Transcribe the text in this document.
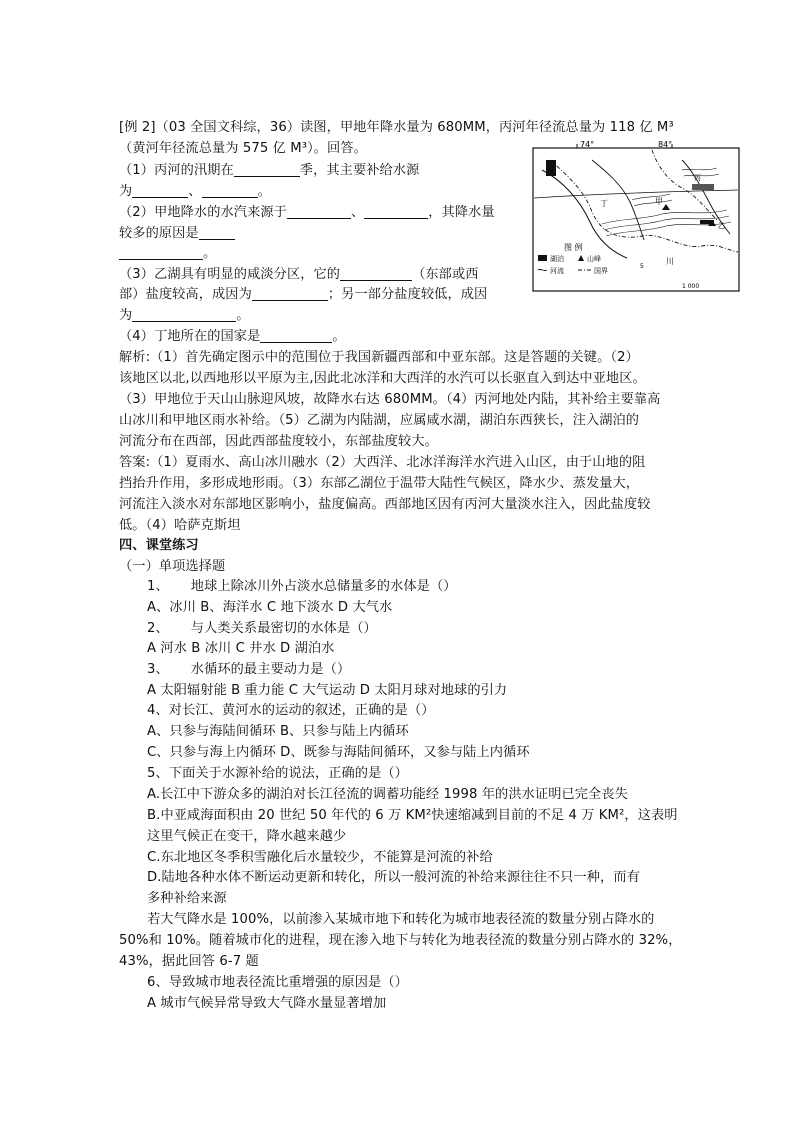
[例 2]（03 全国文科综，36）读图，甲地年降水量为 680MM，丙河年径流总量为 118 亿 M³
（黄河年径流总量为 575 亿 M³）。回答。
（1）丙河的汛期在	季，其主要补给水源
为	、	。
（2）甲地降水的水汽来源于	、	，其降水量
较多的原因是
。
（3）乙湖具有明显的咸淡分区，它的	（东部或西
部）盐度较高，成因为	；另一部分盐度较低，成因
为	。
（4）丁地所在的国家是	。
解析:（1）首先确定图示中的范围位于我国新疆西部和中亚东部。这是答题的关键。（2）
该地区以北,以西地形以平原为主,因此北冰洋和大西洋的水汽可以长驱直入到达中亚地区。
（3）甲地位于天山山脉迎风坡，故降水右达 680MM。（4）丙河地处内陆，其补给主要靠高
山冰川和甲地区雨水补给。（5）乙湖为内陆湖，应属咸水湖，湖泊东西狭长，注入湖泊的
河流分布在西部，因此西部盐度较小，东部盐度较大。
答案:（1）夏雨水、高山冰川融水（2）大西洋、北冰洋海洋水汽进入山区，由于山地的阻
挡抬升作用，多形成地形雨。（3）东部乙湖位于温带大陆性气候区，降水少、蒸发量大，
河流注入淡水对东部地区影响小，盐度偏高。西部地区因有丙河大量淡水注入，因此盐度较
低。（4）哈萨克斯坦
四、课堂练习
（一）单项选择题
1、 地球上除冰川外占淡水总储量多的水体是（）
A、冰川 B、海洋水 C 地下淡水 D 大气水
2、 与人类关系最密切的水体是（）
A 河水 B 冰川 C 井水 D 湖泊水
3、 水循环的最主要动力是（）
A 太阳辐射能 B 重力能 C 大气运动 D 太阳月球对地球的引力
4、对长江、黄河水的运动的叙述，正确的是（）
A、只参与海陆间循环 B、只参与陆上内循环
C、只参与海上内循环 D、既参与海陆间循环，又参与陆上内循环
5、下面关于水源补给的说法，正确的是（）
A.长江中下游众多的湖泊对长江径流的调蓄功能经 1998 年的洪水证明已完全丧失
B.中亚咸海面积由 20 世纪 50 年代的 6 万 KM²快速缩减到目前的不足 4 万 KM²，这表明
这里气候正在变干，降水越来越少
C.东北地区冬季积雪融化后水量较少，不能算是河流的补给
D.陆地各种水体不断运动更新和转化，所以一般河流的补给来源往往不只一种，而有
多种补给来源
若大气降水是 100%，以前渗入某城市地下和转化为城市地表径流的数量分别占降水的
50%和 10%。随着城市化的进程，现在渗入地下与转化为地表径流的数量分别占降水的 32%，
43%，据此回答 6-7 题
6、导致城市地表径流比重增强的原因是（）
A 城市气候异常导致大气降水量显著增加
74°	84°
丁	甲
乙
丙
川
5
图 例
湖泊	山峰
河流	国界
1 000
